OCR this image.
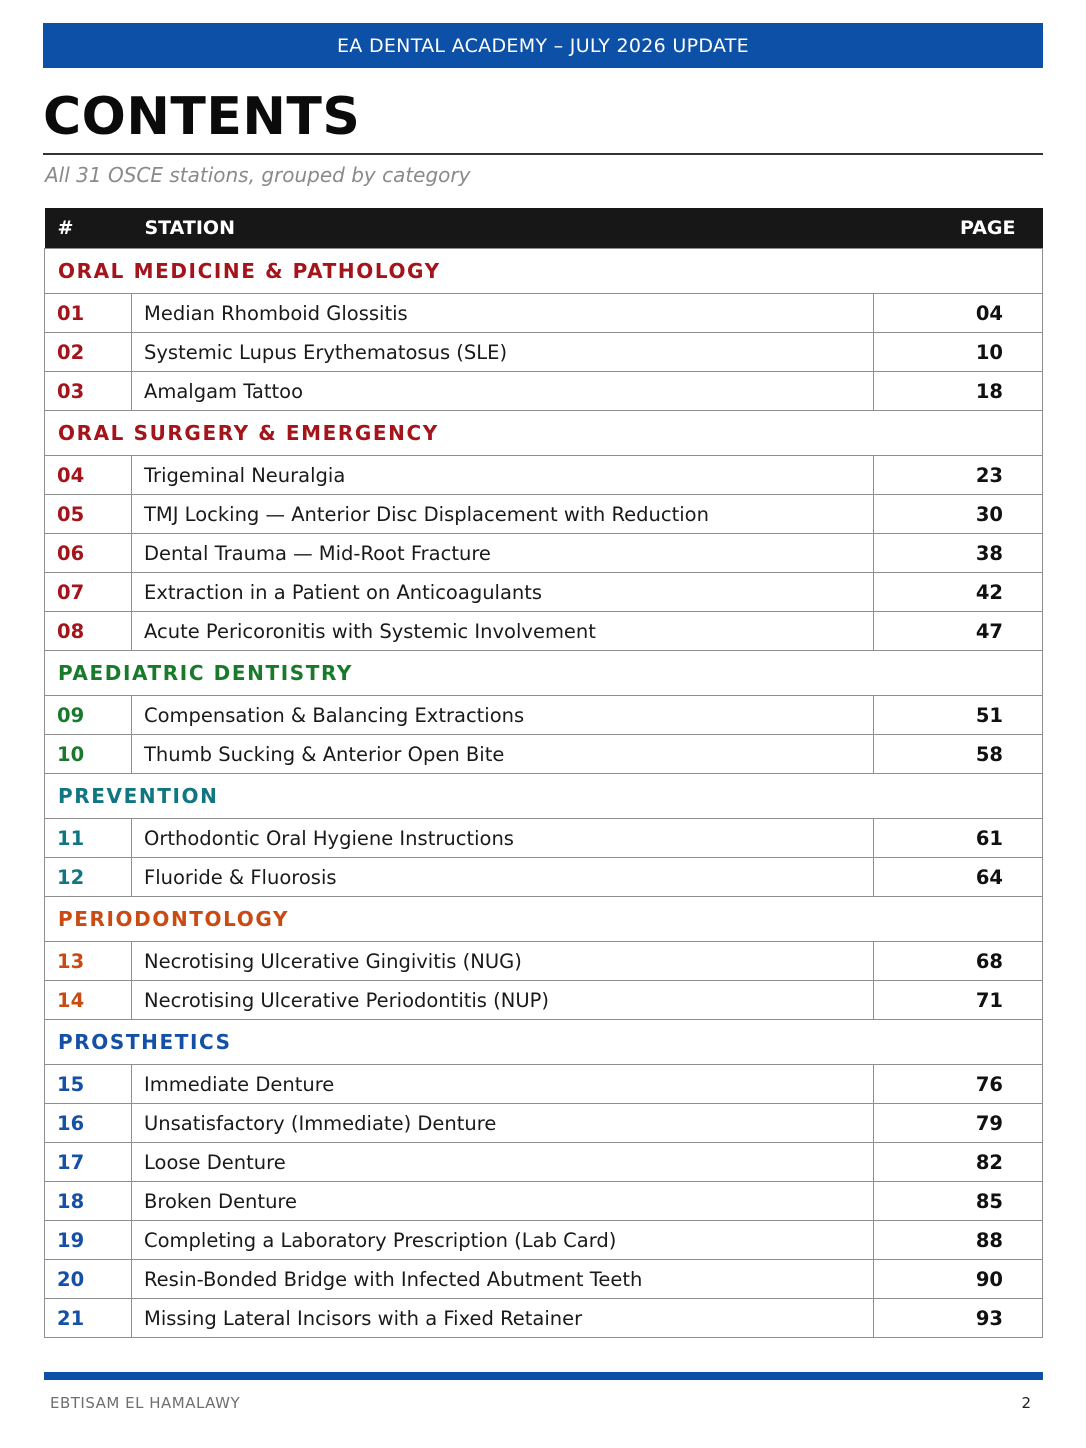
EA DENTAL ACADEMY – JULY 2026 UPDATE
CONTENTS
All 31 OSCE stations, grouped by category
#	STATION	PAGE
ORAL MEDICINE & PATHOLOGY		
01	Median Rhomboid Glossitis	04
02	Systemic Lupus Erythematosus (SLE)	10
03	Amalgam Tattoo	18
ORAL SURGERY & EMERGENCY		
04	Trigeminal Neuralgia	23
05	TMJ Locking — Anterior Disc Displacement with Reduction	30
06	Dental Trauma — Mid-Root Fracture	38
07	Extraction in a Patient on Anticoagulants	42
08	Acute Pericoronitis with Systemic Involvement	47
PAEDIATRIC DENTISTRY		
09	Compensation & Balancing Extractions	51
10	Thumb Sucking & Anterior Open Bite	58
PREVENTION		
11	Orthodontic Oral Hygiene Instructions	61
12	Fluoride & Fluorosis	64
PERIODONTOLOGY		
13	Necrotising Ulcerative Gingivitis (NUG)	68
14	Necrotising Ulcerative Periodontitis (NUP)	71
PROSTHETICS		
15	Immediate Denture	76
16	Unsatisfactory (Immediate) Denture	79
17	Loose Denture	82
18	Broken Denture	85
19	Completing a Laboratory Prescription (Lab Card)	88
20	Resin-Bonded Bridge with Infected Abutment Teeth	90
21	Missing Lateral Incisors with a Fixed Retainer	93
EBTISAM EL HAMALAWY	2
